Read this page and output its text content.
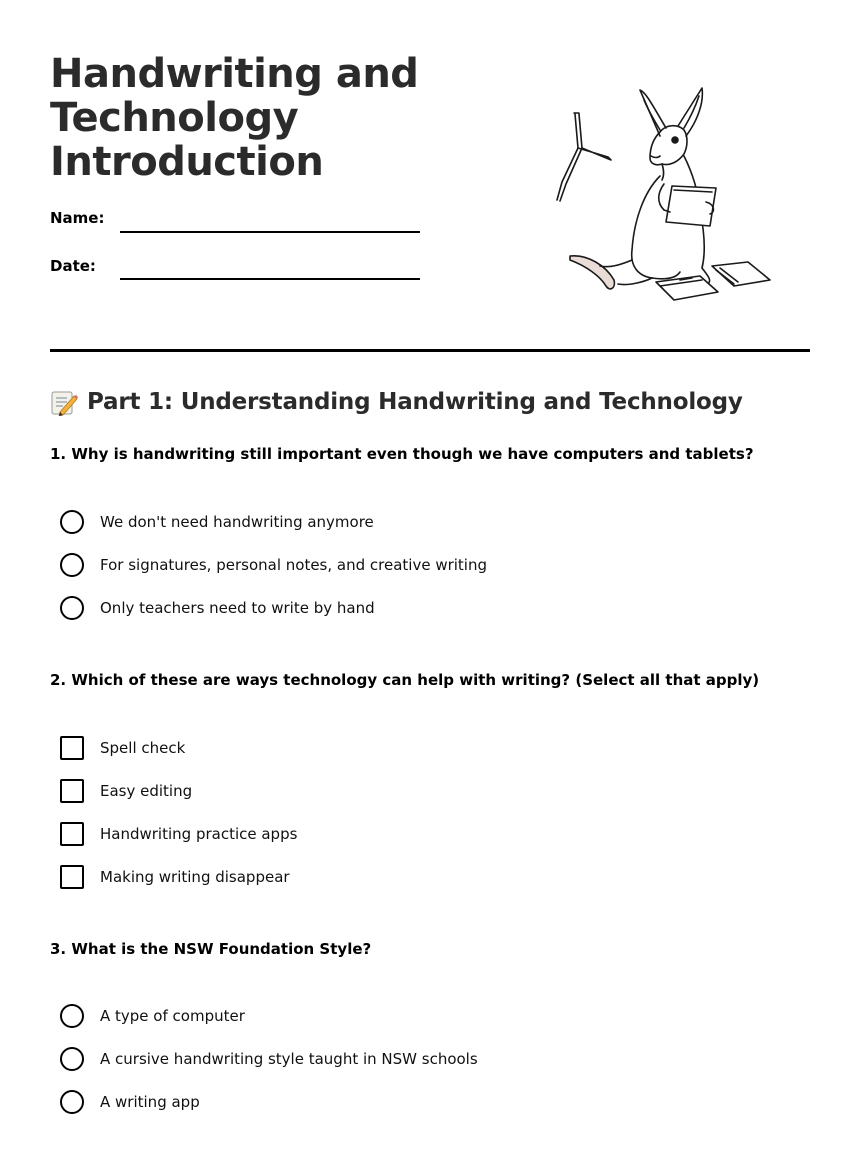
Handwriting and
Technology
Introduction
Name:
Date:
Part 1: Understanding Handwriting and Technology

1. Why is handwriting still important even though we have computers and tablets?

We don't need handwriting anymore
For signatures, personal notes, and creative writing
Only teachers need to write by hand

2. Which of these are ways technology can help with writing? (Select all that apply)

Spell check
Easy editing
Handwriting practice apps
Making writing disappear

3. What is the NSW Foundation Style?

A type of computer
A cursive handwriting style taught in NSW schools
A writing app
